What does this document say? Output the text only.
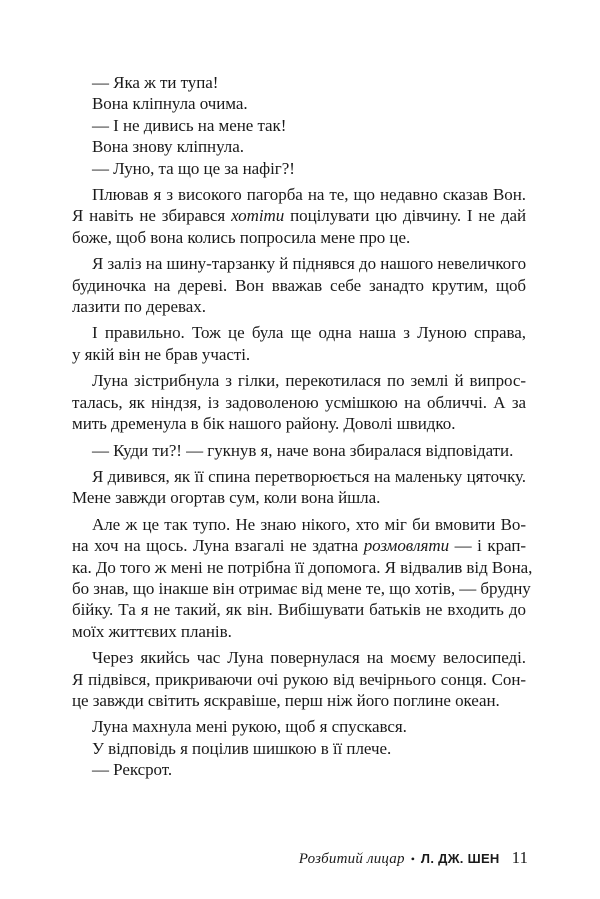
— Яка ж ти тупа!
Вона кліпнула очима.
— І не дивись на мене так!
Вона знову кліпнула.
— Луно, та що це за нафіг?!
Плював я з високого пагорба на те, що недавно сказав Вон.
Я навіть не збирався хотіти поцілувати цю дівчину. І не дай
боже, щоб вона колись попросила мене про це.
Я заліз на шину-тарзанку й піднявся до нашого невеличкого
будиночка на дереві. Вон вважав себе занадто крутим, щоб
лазити по деревах.
І правильно. Тож це була ще одна наша з Луною справа,
у якій він не брав участі.
Луна зістрибнула з гілки, перекотилася по землі й випрос-
талась, як ніндзя, із задоволеною усмішкою на обличчі. А за
мить дременула в бік нашого району. Доволі швидко.
— Куди ти?! — гукнув я, наче вона збиралася відповідати.
Я дивився, як її спина перетворюється на маленьку цяточку.
Мене завжди огортав сум, коли вона йшла.
Але ж це так тупо. Не знаю нікого, хто міг би вмовити Во-
на хоч на щось. Луна взагалі не здатна розмовляти — і крап-
ка. До того ж мені не потрібна її допомога. Я відвалив від Вона,
бо знав, що інакше він отримає від мене те, що хотів, — брудну
бійку. Та я не такий, як він. Вибішувати батьків не входить до
моїх життєвих планів.
Через якийсь час Луна повернулася на моєму велосипеді.
Я підвівся, прикриваючи очі рукою від вечірнього сонця. Сон-
це завжди світить яскравіше, перш ніж його поглине океан.
Луна махнула мені рукою, щоб я спускався.
У відповідь я поцілив шишкою в її плече.
— Рексрот.
Розбитий лицар • Л. ДЖ. ШЕН 11
